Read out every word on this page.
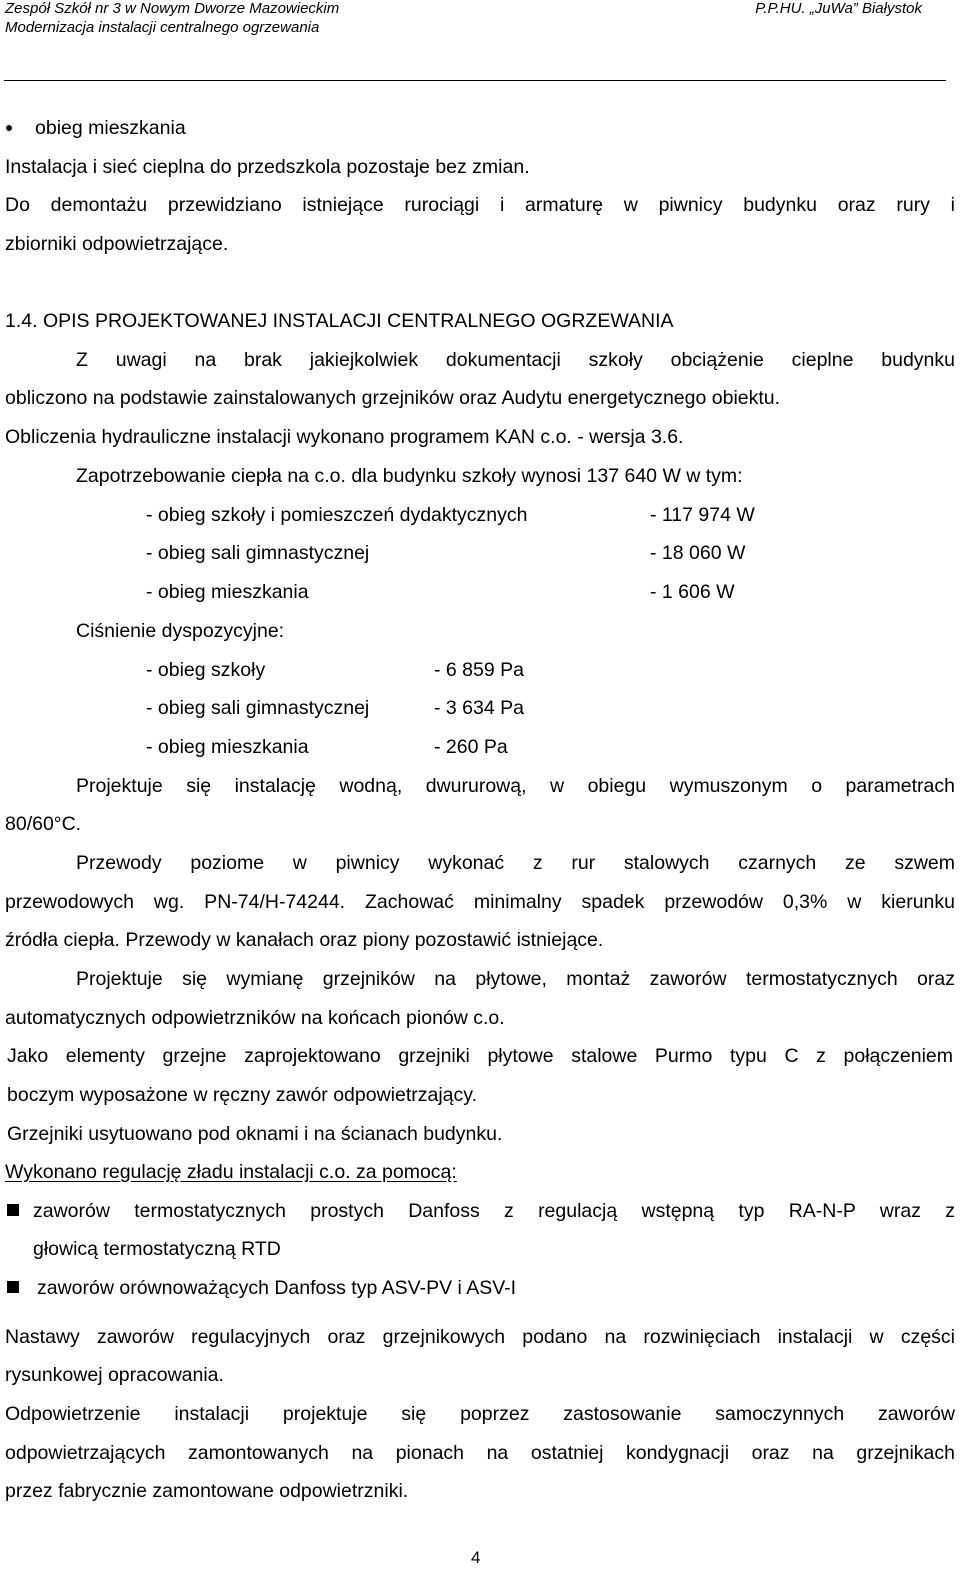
Zespół Szkół nr 3 w Nowym Dworze Mazowieckim
Modernizacja instalacji centralnego ogrzewania
P.P.HU. „JuWa” Białystok
obieg mieszkania
Instalacja i sieć cieplna do przedszkola pozostaje bez zmian.
Do demontażu przewidziano istniejące rurociągi i armaturę w piwnicy budynku oraz rury i
zbiorniki odpowietrzające.
1.4. OPIS PROJEKTOWANEJ INSTALACJI CENTRALNEGO OGRZEWANIA
Z uwagi na brak jakiejkolwiek dokumentacji szkoły obciążenie cieplne budynku
obliczono na podstawie zainstalowanych grzejników oraz Audytu energetycznego obiektu.
Obliczenia hydrauliczne instalacji wykonano programem KAN c.o. - wersja 3.6.
Zapotrzebowanie ciepła na c.o. dla budynku szkoły wynosi 137 640 W w tym:
- obieg szkoły i pomieszczeń dydaktycznych	- 117 974 W
- obieg sali gimnastycznej	- 18 060 W
- obieg mieszkania	- 1 606 W
Ciśnienie dyspozycyjne:
- obieg szkoły	- 6 859 Pa
- obieg sali gimnastycznej	- 3 634 Pa
- obieg mieszkania	- 260 Pa
Projektuje się instalację wodną, dwururową, w obiegu wymuszonym o parametrach
80/60°C.
Przewody poziome w piwnicy wykonać z rur stalowych czarnych ze szwem
przewodowych wg. PN-74/H-74244. Zachować minimalny spadek przewodów 0,3% w kierunku
źródła ciepła. Przewody w kanałach oraz piony pozostawić istniejące.
Projektuje się wymianę grzejników na płytowe, montaż zaworów termostatycznych oraz
automatycznych odpowietrzników na końcach pionów c.o.
Jako elementy grzejne zaprojektowano grzejniki płytowe stalowe Purmo typu C z połączeniem
boczym wyposażone w ręczny zawór odpowietrzający.
Grzejniki usytuowano pod oknami i na ścianach budynku.
Wykonano regulację zładu instalacji c.o. za pomocą:
zaworów termostatycznych prostych Danfoss z regulacją wstępną typ RA-N-P wraz z
głowicą termostatyczną RTD
zaworów orównoważących Danfoss typ ASV-PV i ASV-I
Nastawy zaworów regulacyjnych oraz grzejnikowych podano na rozwinięciach instalacji w części
rysunkowej opracowania.
Odpowietrzenie instalacji projektuje się poprzez zastosowanie samoczynnych zaworów
odpowietrzających zamontowanych na pionach na ostatniej kondygnacji oraz na grzejnikach
przez fabrycznie zamontowane odpowietrzniki.
4
